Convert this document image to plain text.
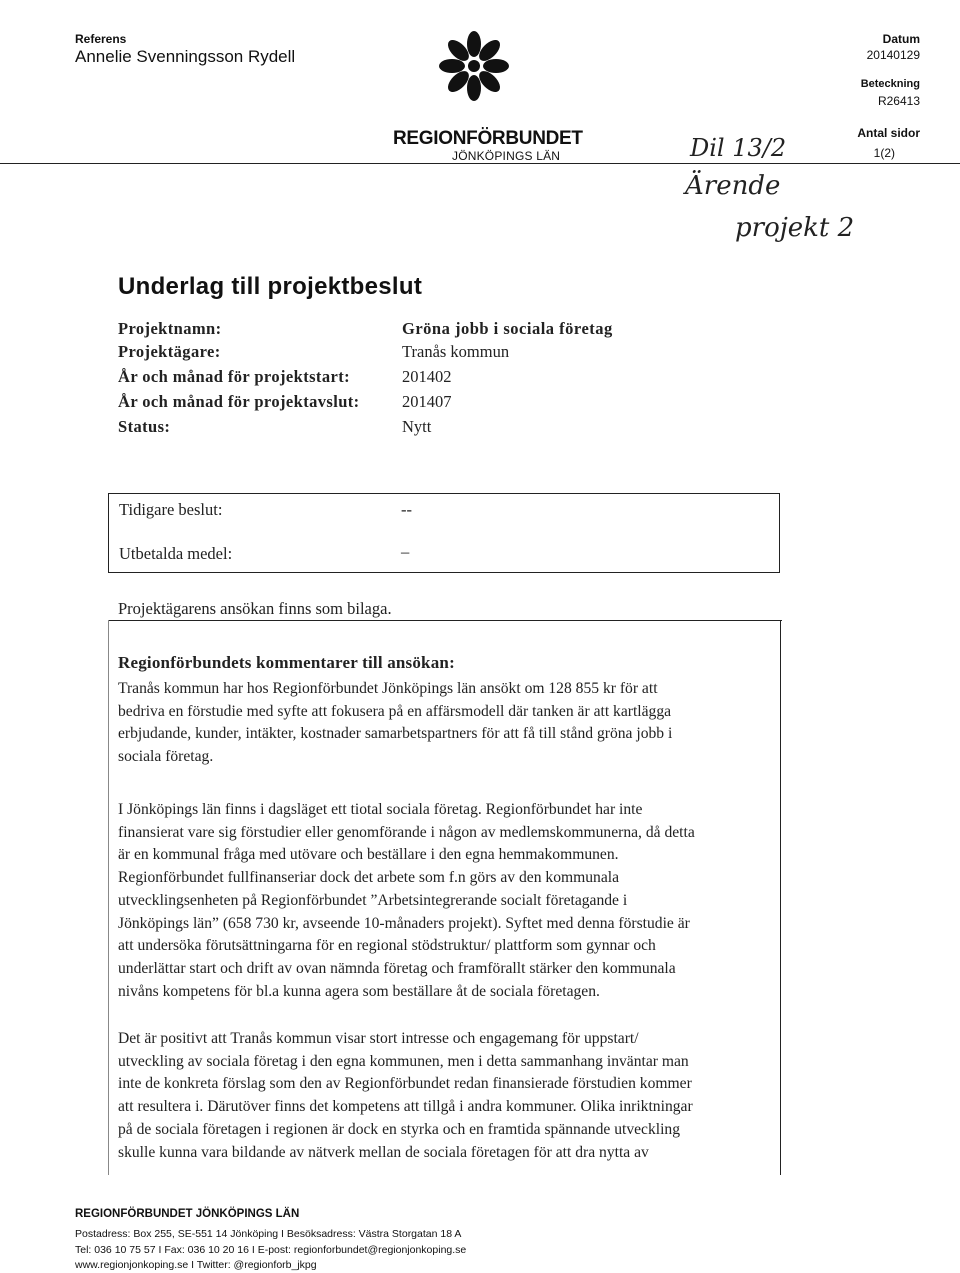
Referens
Annelie Svenningsson Rydell
REGIONFÖRBUNDET
JÖNKÖPINGS LÄN
Datum
20140129
Beteckning
R26413
Antal sidor
1(2)
Dil 13/2
Ärende
projekt 2
Underlag till projektbeslut
Projektnamn:	Gröna jobb i sociala företag
Projektägare:	Tranås kommun
År och månad för projektstart:	201402
År och månad för projektavslut:	201407
Status:	Nytt
Tidigare beslut:	--
Utbetalda medel:	–
Projektägarens ansökan finns som bilaga.
Regionförbundets kommentarer till ansökan:

Tranås kommun har hos Regionförbundet Jönköpings län ansökt om 128 855 kr för att
bedriva en förstudie med syfte att fokusera på en affärsmodell där tanken är att kartlägga
erbjudande, kunder, intäkter, kostnader samarbetspartners för att få till stånd gröna jobb i
sociala företag.

I Jönköpings län finns i dagsläget ett tiotal sociala företag. Regionförbundet har inte
finansierat vare sig förstudier eller genomförande i någon av medlemskommunerna, då detta
är en kommunal fråga med utövare och beställare i den egna hemmakommunen.
Regionförbundet fullfinanseriar dock det arbete som f.n görs av den kommunala
utvecklingsenheten på Regionförbundet ”Arbetsintegrerande socialt företagande i
Jönköpings län” (658 730 kr, avseende 10-månaders projekt). Syftet med denna förstudie är
att undersöka förutsättningarna för en regional stödstruktur/ plattform som gynnar och
underlättar start och drift av ovan nämnda företag och framförallt stärker den kommunala
nivåns kompetens för bl.a kunna agera som beställare åt de sociala företagen.

Det är positivt att Tranås kommun visar stort intresse och engagemang för uppstart/
utveckling av sociala företag i den egna kommunen, men i detta sammanhang inväntar man
inte de konkreta förslag som den av Regionförbundet redan finansierade förstudien kommer
att resultera i. Därutöver finns det kompetens att tillgå i andra kommuner. Olika inriktningar
på de sociala företagen i regionen är dock en styrka och en framtida spännande utveckling
skulle kunna vara bildande av nätverk mellan de sociala företagen för att dra nytta av

REGIONFÖRBUNDET JÖNKÖPINGS LÄN
Postadress: Box 255, SE-551 14 Jönköping I Besöksadress: Västra Storgatan 18 A
Tel: 036 10 75 57 I Fax: 036 10 20 16 I E-post: regionforbundet@regionjonkoping.se
www.regionjonkoping.se I Twitter: @regionforb_jkpg
